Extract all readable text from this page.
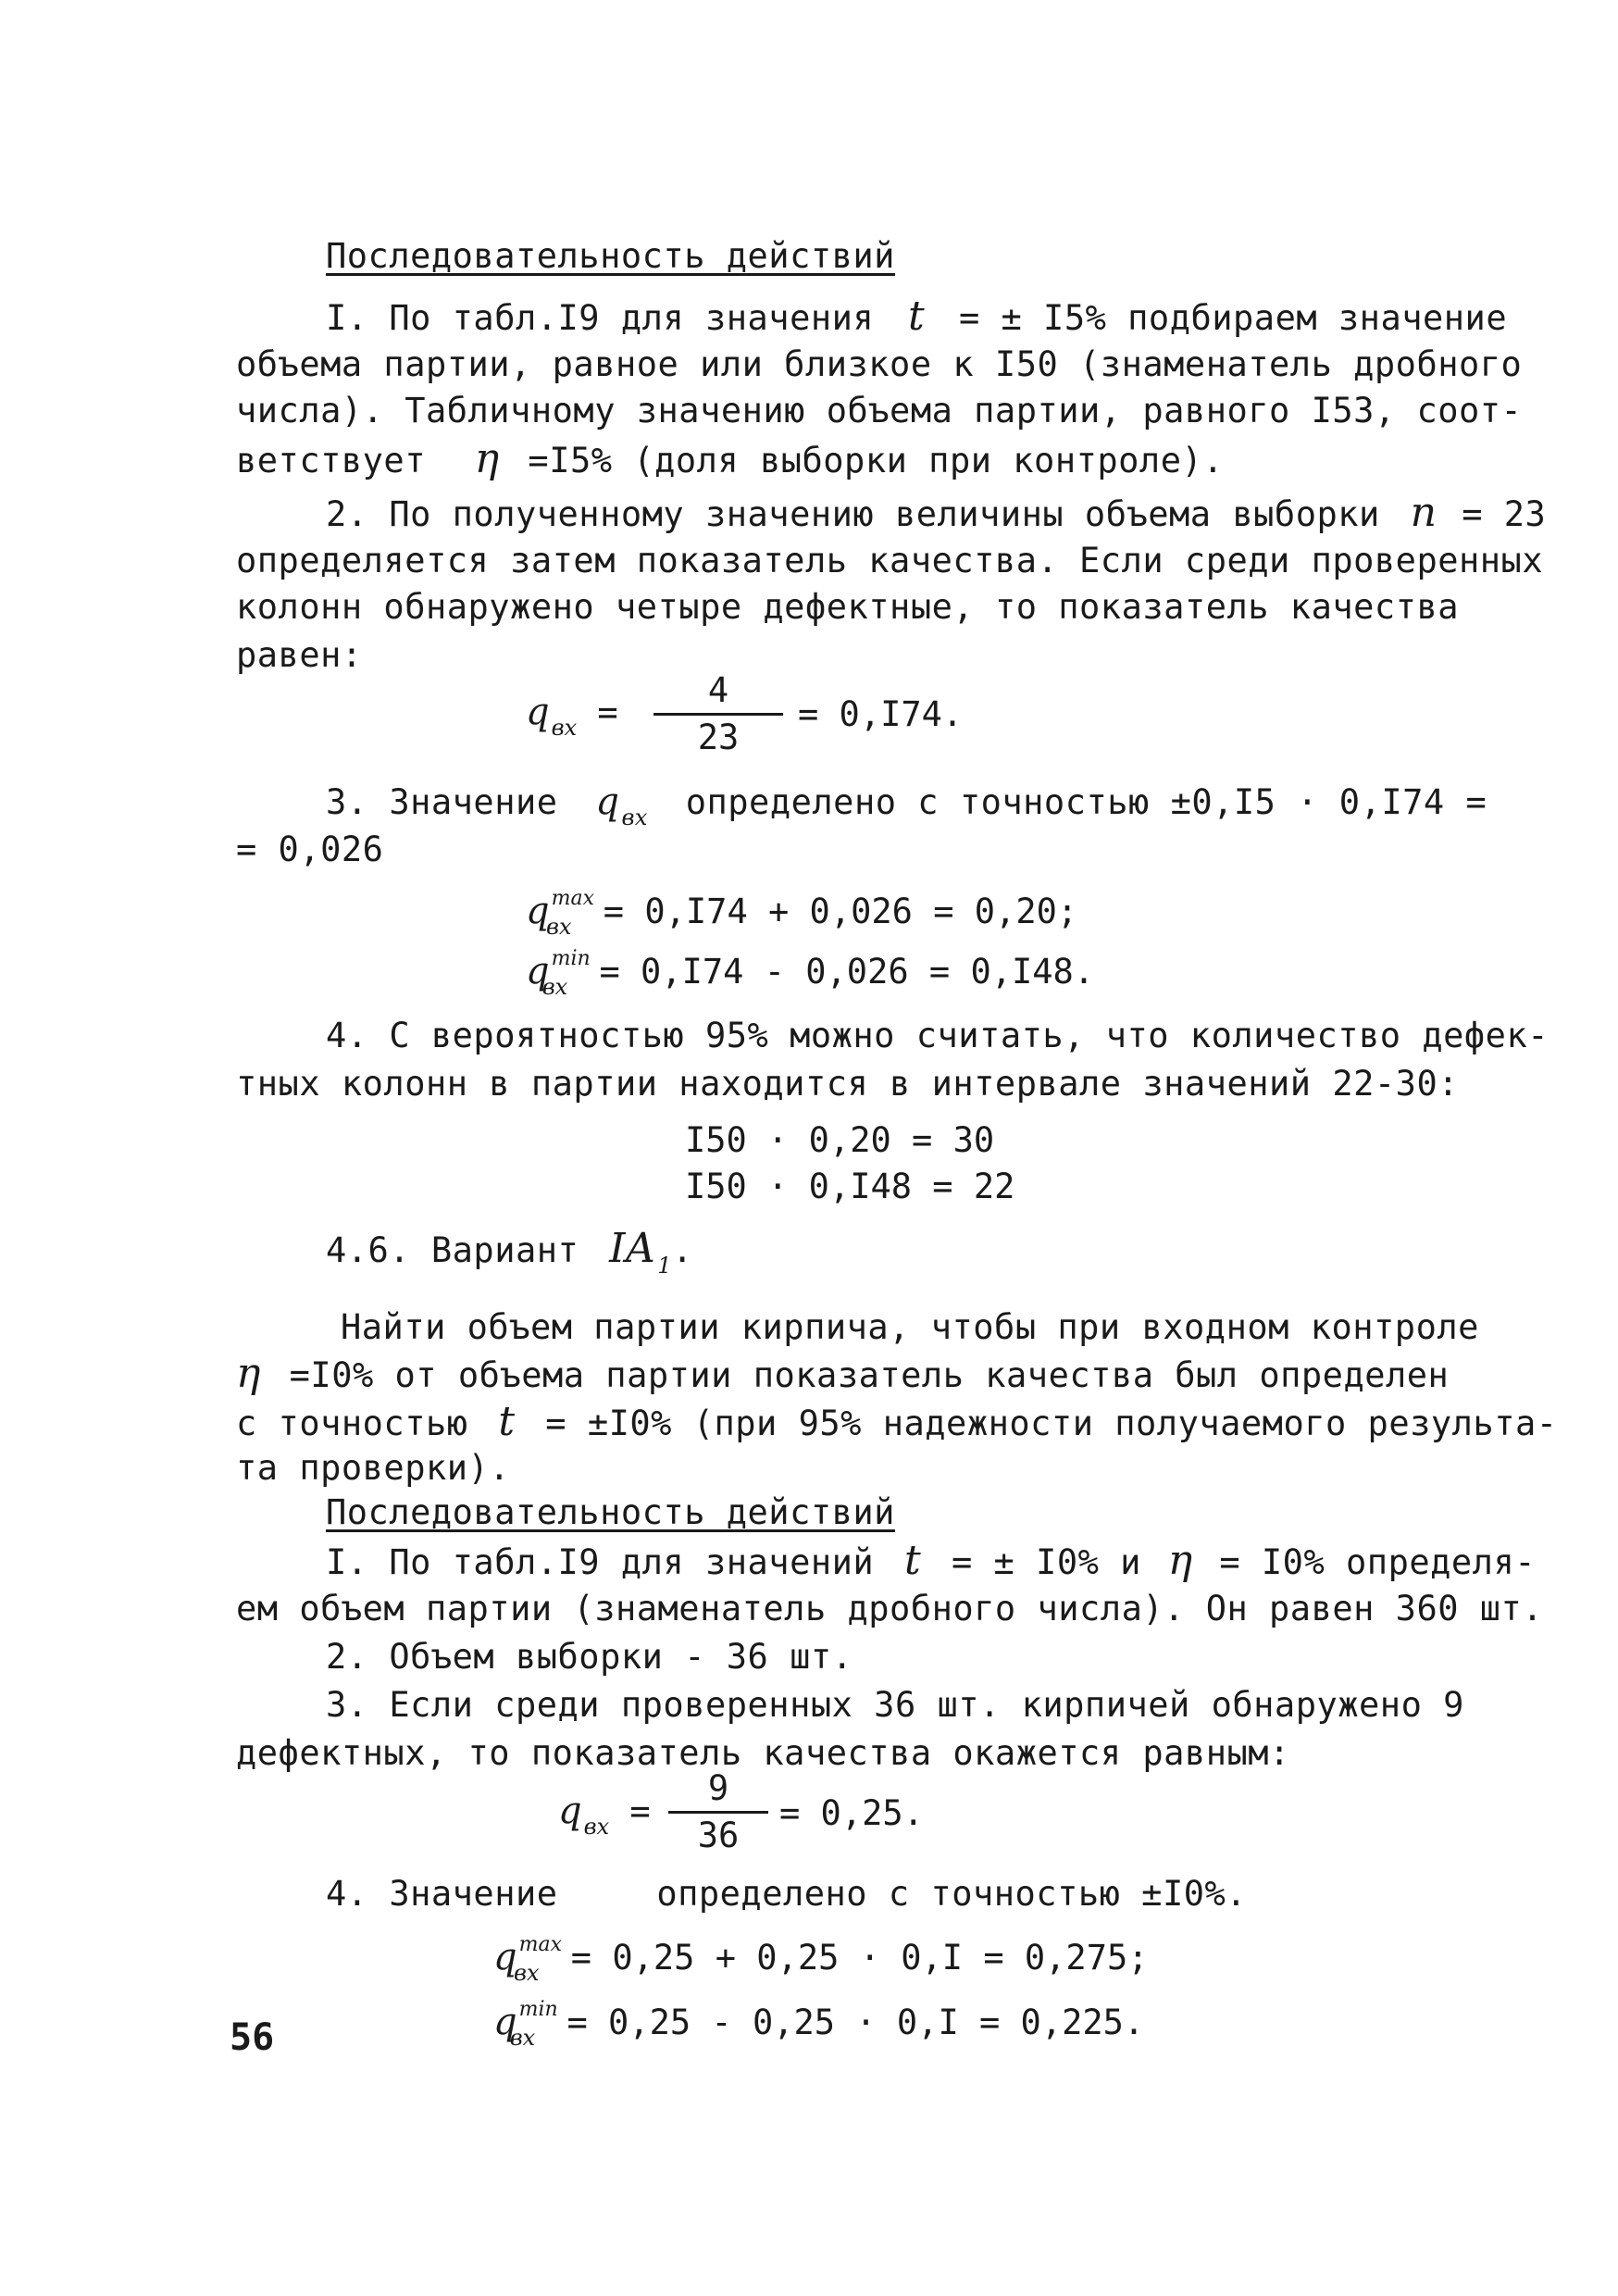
Последовательность действий
I. По табл.I9 для значения t = ± I5% подбираем значение
объема партии, равное или близкое к I50 (знаменатель дробного
числа). Табличному значению объема партии, равного I53, соот-
ветствует η =I5% (доля выборки при контроле).
2. По полученному значению величины объема выборки n = 23
определяется затем показатель качества. Если среди проверенных
колонн обнаружено четыре дефектные, то показатель качества
равен:
$q_{вх}$ =
4
23
= 0,I74.
3. Значение $q_{вх}$ определено с точностью ±0,I5 · 0,I74 =
= 0,026
$q^{max}_{вх} = 0,I74 + 0,026 = 0,20$;
$q^{min}_{вх} = 0,I74 - 0,026 = 0,I48$.
4. С вероятностью 95% можно считать, что количество дефек-
тных колонн в партии находится в интервале значений 22-30:
I50 · 0,20 = 30
I50 · 0,I48 = 22
4.6. Вариант $IA_1$.
Найти объем партии кирпича, чтобы при входном контроле
η =I0% от объема партии показатель качества был определен
с точностью t = ±I0% (при 95% надежности получаемого результа-
та проверки).
Последовательность действий
I. По табл.I9 для значений t = ± I0% и η = I0% определя-
ем объем партии (знаменатель дробного числа). Он равен 360 шт.
2. Объем выборки - 36 шт.
3. Если среди проверенных 36 шт. кирпичей обнаружено 9
дефектных, то показатель качества окажется равным:
$q_{вх}$ =
9
36
= 0,25.
4. Значение	определено с точностью ±I0%.
$q^{max}_{вх} = 0,25 + 0,25 \cdot 0,I = 0,275$;
$q^{min}_{вх} = 0,25 - 0,25 \cdot 0,I = 0,225$.
56
